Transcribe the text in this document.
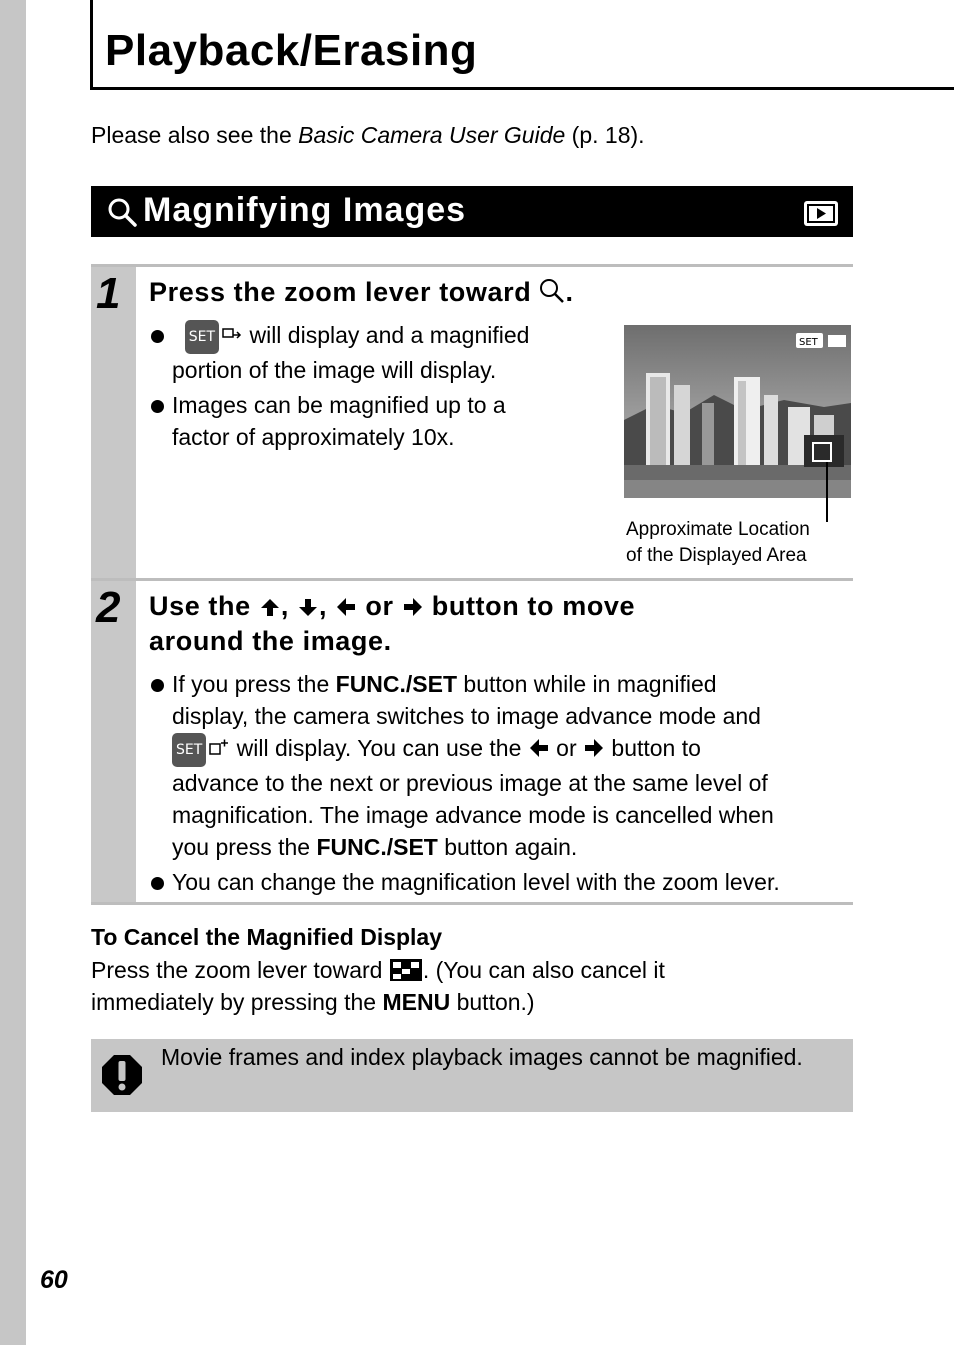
Playback/Erasing
Please also see the Basic Camera User Guide (p. 18).
Magnifying Images
1 Press the zoom lever toward .
SET will display and a magnified
portion of the image will display.
Images can be magnified up to a
factor of approximately 10x.
SET
Approximate Location
of the Displayed Area
2 Use the , ,  or button to move
around the image.
If you press the FUNC./SET button while in magnified
display, the camera switches to image advance mode and
SET will display. You can use the or button to
advance to the next or previous image at the same level of
magnification. The image advance mode is cancelled when
you press the FUNC./SET button again.
You can change the magnification level with the zoom lever.
To Cancel the Magnified Display
Press the zoom lever toward . (You can also cancel it
immediately by pressing the MENU button.)
Movie frames and index playback images cannot be magnified.
60
